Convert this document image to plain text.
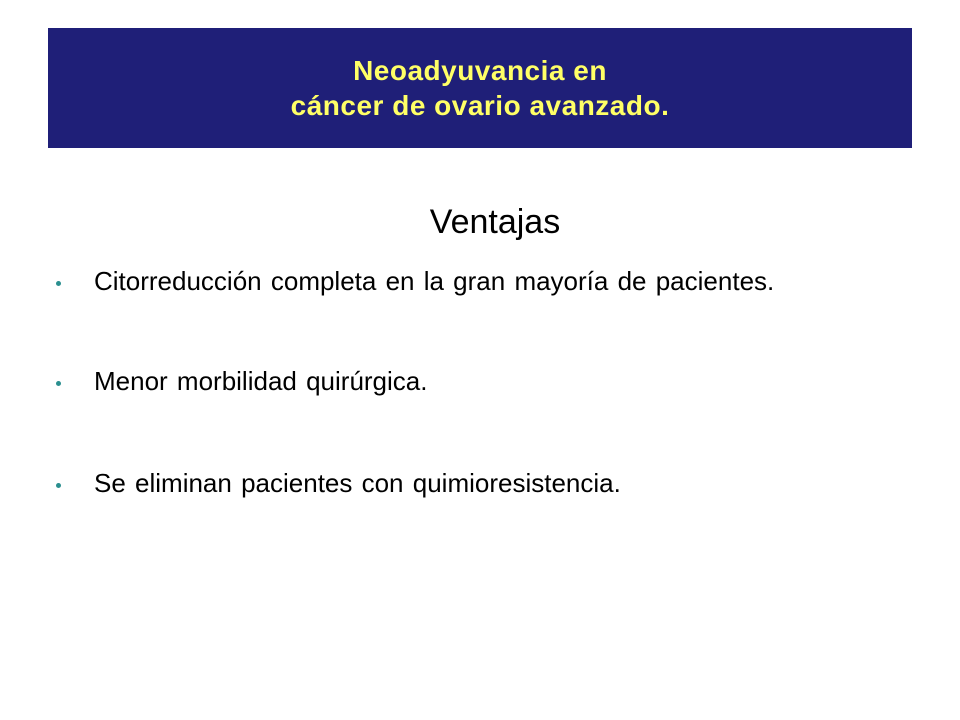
Neoadyuvancia en
cáncer de ovario avanzado.
Ventajas
Citorreducción completa en la gran mayoría de pacientes.
Menor morbilidad quirúrgica.
Se eliminan pacientes con quimioresistencia.
